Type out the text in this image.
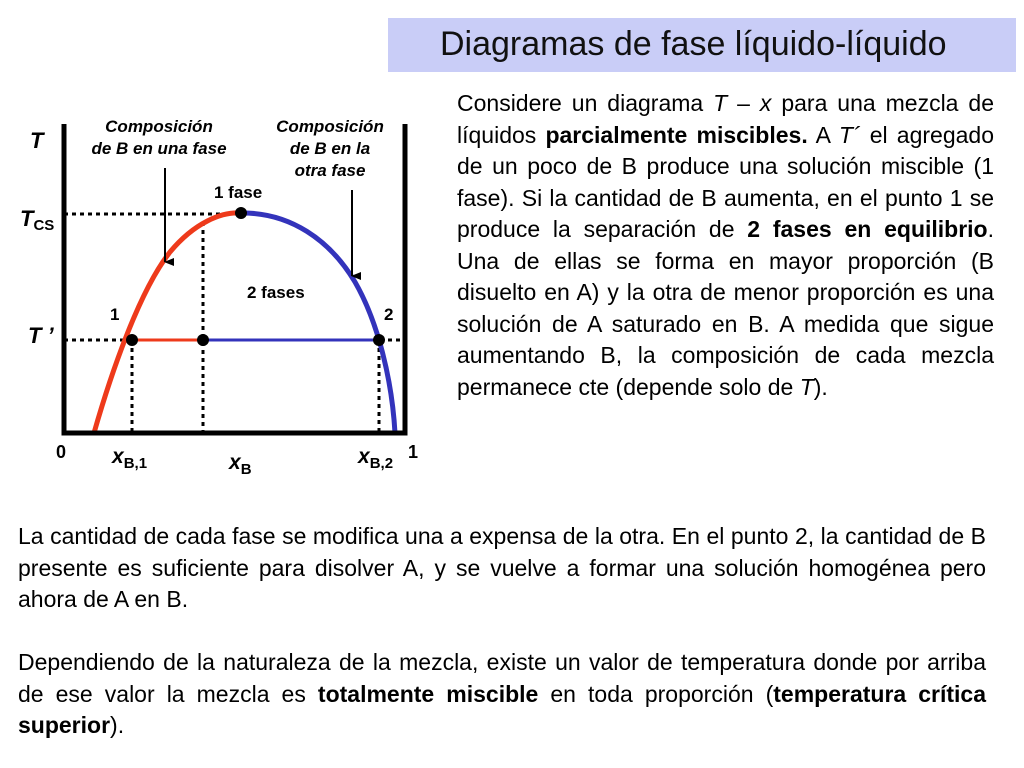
Diagramas de fase líquido-líquido

Considere un diagrama T – x para una mezcla de líquidos parcialmente miscibles. A T´ el agregado de un poco de B produce una solución miscible (1 fase). Si la cantidad de B aumenta, en el punto 1 se produce la separación de 2 fases en equilibrio. Una de ellas se forma en mayor proporción (B disuelto en A) y la otra de menor proporción es una solución de A saturado en B. A medida que sigue aumentando B, la composición de cada mezcla permanece cte (depende solo de T).

La cantidad de cada fase se modifica una a expensa de la otra. En el punto 2, la cantidad de B presente es suficiente para disolver A, y se vuelve a formar una solución homogénea pero ahora de A en B.

Dependiendo de la naturaleza de la mezcla, existe un valor de temperatura donde por arriba de ese valor la mezcla es totalmente miscible en toda proporción (temperatura crítica superior).

Composición
de B en una fase
Composición
de B en la
otra fase
1 fase
2 fases
1	2
T
TCS
T ’
0	1
$x_{B,1}$	$x_B$
$x_{B,2}$
